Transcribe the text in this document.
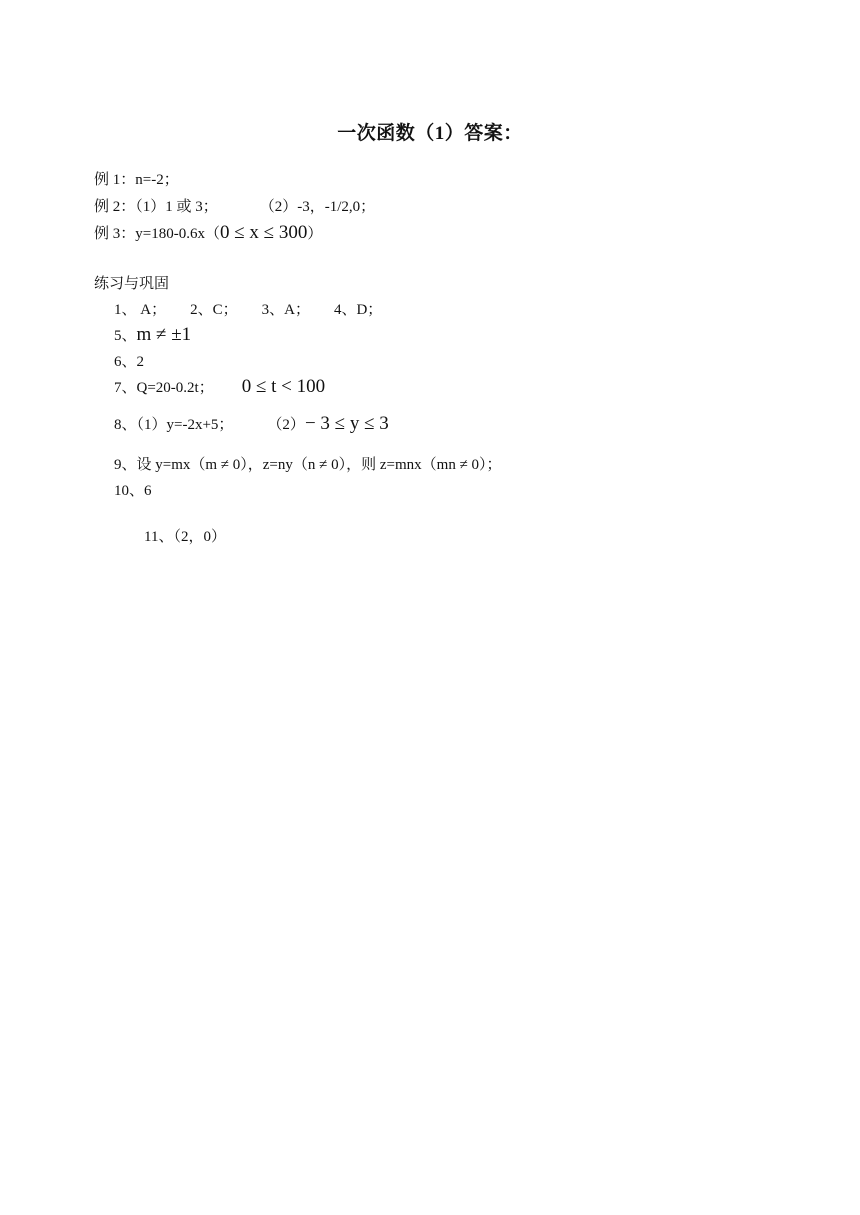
一次函数（1）答案：
例 1：n=-2；
例 2：（1）1 或 3；	（2）-3，-1/2,0；
例 3：y=180-0.6x（0 ≤ x ≤ 300）
练习与巩固
1、 A； 2、C； 3、A； 4、D；
5、m ≠ ±1
6、2
7、Q=20-0.2t； 0 ≤ t < 100
8、（1）y=-2x+5； （2）− 3 ≤ y ≤ 3
9、设 y=mx（m ≠ 0），z=ny（n ≠ 0），则 z=mnx（mn ≠ 0）；
10、6
11、（2，0）
